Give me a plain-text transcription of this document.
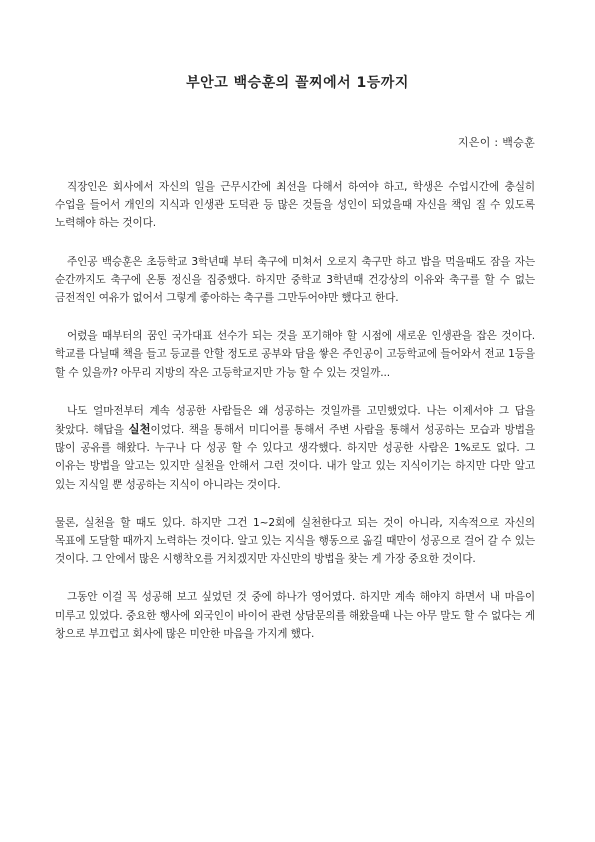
부안고 백승훈의 꼴찌에서 1등까지
지은이 : 백승훈

직장인은 회사에서 자신의 일을 근무시간에 최선을 다해서 하여야 하고, 학생은 수업시간에 충실히 수업을 들어서 개인의 지식과 인생관 도덕관 등 많은 것들을 성인이 되었을때 자신을 책임 질 수 있도록 노력해야 하는 것이다.

주인공 백승훈은 초등학교 3학년때 부터 축구에 미쳐서 오로지 축구만 하고 밥을 먹을때도 잠을 자는 순간까지도 축구에 온통 정신을 집중했다. 하지만 중학교 3학년때 건강상의 이유와 축구를 할 수 없는 금전적인 여유가 없어서 그렇게 좋아하는 축구를 그만두어야만 했다고 한다.

어렸을 때부터의 꿈인 국가대표 선수가 되는 것을 포기해야 할 시점에 새로운 인생관을 잡은 것이다. 학교를 다닐때 책을 들고 등교를 안할 정도로 공부와 담을 쌓은 주인공이 고등학교에 들어와서 전교 1등을 할 수 있을까? 아무리 지방의 작은 고등학교지만 가능 할 수 있는 것일까...

나도 얼마전부터 계속 성공한 사람들은 왜 성공하는 것일까를 고민했었다. 나는 이제서야 그 답을 찾았다. 해답을 실천이었다. 책을 통해서 미디어를 통해서 주변 사람을 통해서 성공하는 모습과 방법을 많이 공유를 해왔다. 누구나 다 성공 할 수 있다고 생각했다. 하지만 성공한 사람은 1%로도 없다. 그 이유는 방법을 알고는 있지만 실천을 안해서 그런 것이다. 내가 알고 있는 지식이기는 하지만 다만 알고 있는 지식일 뿐 성공하는 지식이 아니라는 것이다.

물론, 실천을 할 때도 있다. 하지만 그건 1~2회에 실천한다고 되는 것이 아니라, 지속적으로 자신의 목표에 도달할 때까지 노력하는 것이다. 알고 있는 지식을 행동으로 옮길 때만이 성공으로 걸어 갈 수 있는 것이다. 그 안에서 많은 시행착오를 거치겠지만 자신만의 방법을 찾는 게 가장 중요한 것이다.

그동안 이걸 꼭 성공해 보고 싶었던 것 중에 하나가 영어였다. 하지만 계속 해야지 하면서 내 마음이 미루고 있었다. 중요한 행사에 외국인이 바이어 관련 상담문의를 해왔을때 나는 아무 말도 할 수 없다는 게 창으로 부끄럽고 회사에 많은 미안한 마음을 가지게 했다.
